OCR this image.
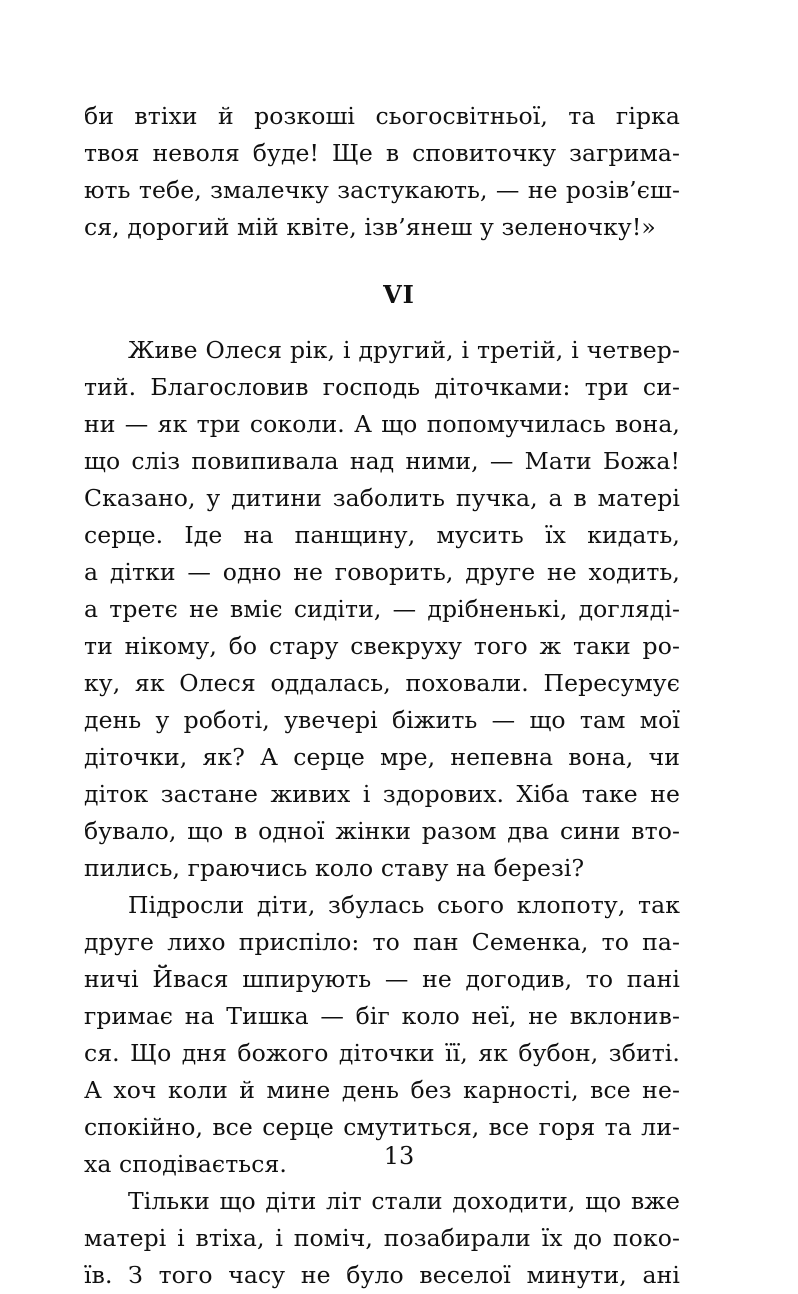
би втіхи й розкоші сьогосвітньої, та гірка
твоя неволя буде! Ще в сповиточку загрима-
ють тебе, змалечку застукають, — не розів’єш-
ся, дорогий мій квіте, ізв’янеш у зеленочку!»
VI
Живе Олеся рік, і другий, і третій, і четвер-
тий. Благословив господь діточками: три си-
ни — як три соколи. А що попомучилась вона,
що сліз повипивала над ними, — Мати Божа!
Сказано, у дитини заболить пучка, а в матері
серце. Іде на панщину, мусить їх кидать,
а дітки — одно не говорить, друге не ходить,
а третє не вміє сидіти, — дрібненькі, догляді-
ти нікому, бо стару свекруху того ж таки ро-
ку, як Олеся оддалась, поховали. Пересумує
день у роботі, увечері біжить — що там мої
діточки, як? А серце мре, непевна вона, чи
діток застане живих і здорових. Хіба таке не
бувало, що в одної жінки разом два сини вто-
пились, граючись коло ставу на березі?
Підросли діти, збулась сього клопоту, так
друге лихо приспіло: то пан Семенка, то па-
ничі Йвася шпирують — не догодив, то пані
гримає на Тишка — біг коло неї, не вклонив-
ся. Що дня божого діточки її, як бубон, збиті.
А хоч коли й мине день без карності, все не-
спокійно, все серце смутиться, все горя та ли-
ха сподівається.
Тільки що діти літ стали доходити, що вже
матері і втіха, і поміч, позабирали їх до поко-
їв. З того часу не було веселої минути, ані
13
